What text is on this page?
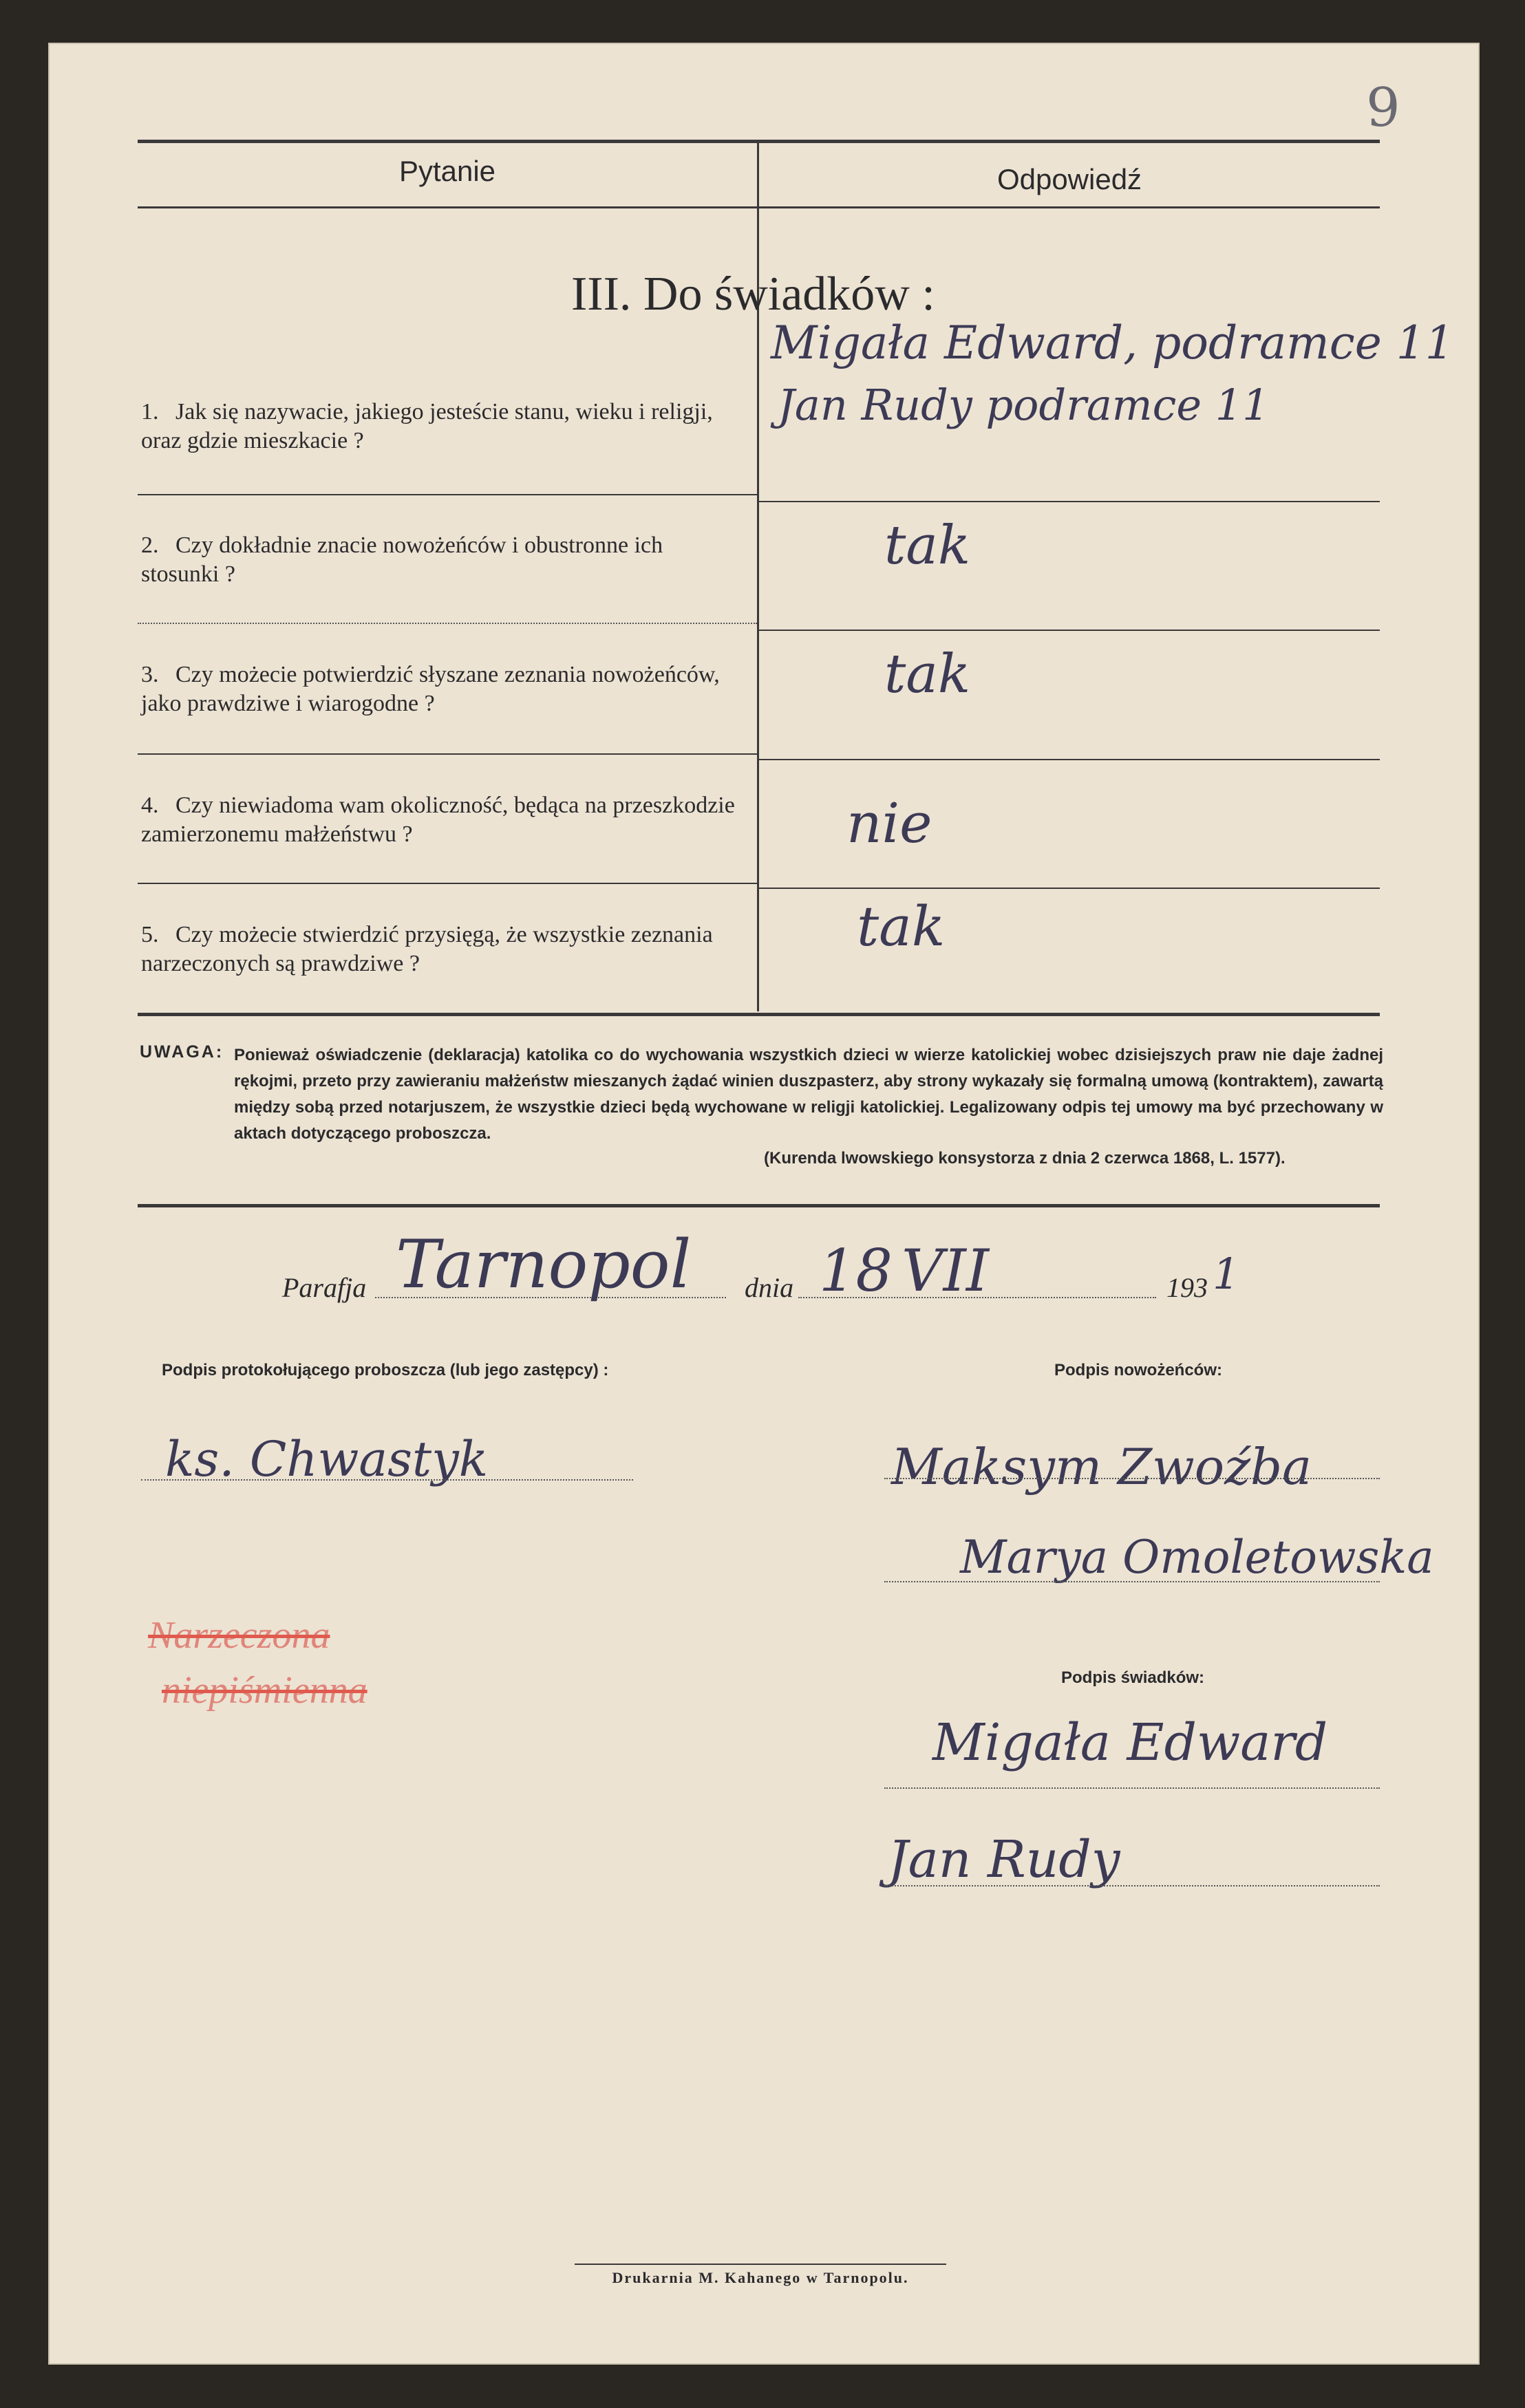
9
Pytanie	Odpowiedź
III. Do świadków :
1. Jak się nazywacie, jakiego jesteście stanu, wieku i religji, oraz gdzie mieszkacie ?
2. Czy dokładnie znacie nowożeńców i obustronne ich stosunki ?
3. Czy możecie potwierdzić słyszane zeznania nowożeńców, jako prawdziwe i wiarogodne ?
4. Czy niewiadoma wam okoliczność, będąca na przeszkodzie zamierzonemu małżeństwu ?
5. Czy możecie stwierdzić przysięgą, że wszystkie zeznania narzeczonych są prawdziwe ?
Migała Edward, podramce 11
Jan Rudy podramce 11
tak
tak
nie
tak
UWAGA: Ponieważ oświadczenie (deklaracja) katolika co do wychowania wszystkich dzieci w wierze katolickiej wobec dzisiejszych praw nie daje żadnej rękojmi, przeto przy zawieraniu małżeństw mieszanych żądać winien duszpasterz, aby strony wykazały się formalną umową (kontraktem), zawartą między sobą przed notarjuszem, że wszystkie dzieci będą wychowane w religji katolickiej. Legalizowany odpis tej umowy ma być przechowany w aktach dotyczącego proboszcza.
(Kurenda lwowskiego konsystorza z dnia 2 czerwca 1868, L. 1577).
Parafja Tarnopol dnia 18 VII	193 1
Podpis protokołującego proboszcza (lub jego zastępcy) :
ks. Chwastyk
Narzeczona
niepiśmienna
Podpis nowożeńców:
Maksym Zwoźba
Marya Omoletowska
Podpis świadków:
Migała Edward
Jan Rudy
Drukarnia M. Kahanego w Tarnopolu.
